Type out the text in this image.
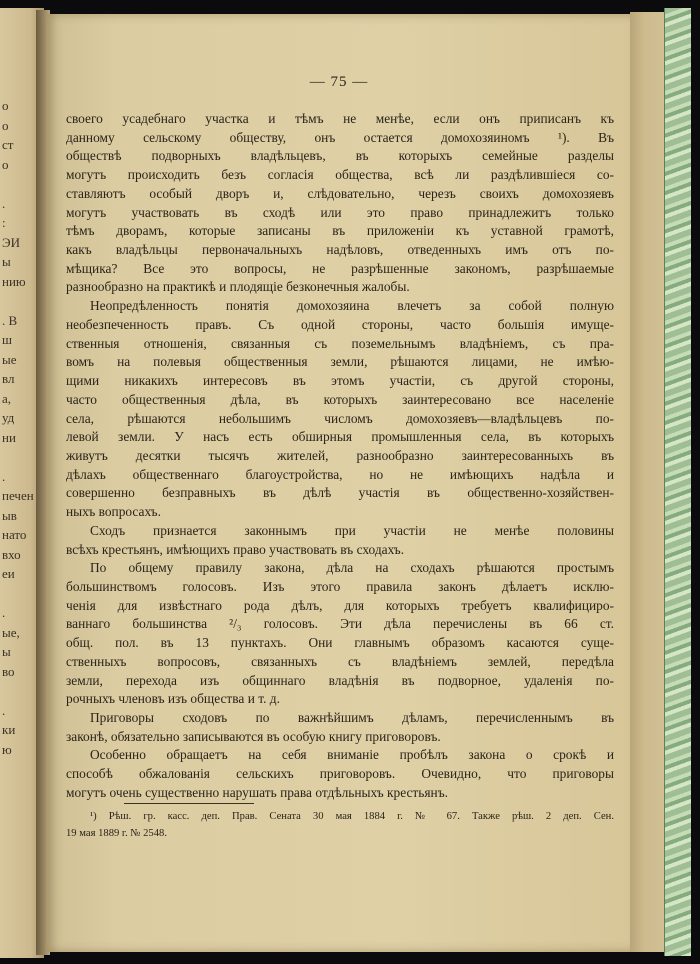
o
о
ст
о
.
:
ЭИ
ы
нию
. В
ш
ые
вл
а,
уд
ни
.
печен
ыв
нато
вхо
еи
.
ые,
ы
во
.
ки
ю
— 75 —
своего усадебнаго участка и тѣмъ не менѣе, если онъ приписанъ къ
данному сельскому обществу, онъ остается домохозяиномъ ¹). Въ
обществѣ подворныхъ владѣльцевъ, въ которыхъ семейные разделы
могутъ происходить безъ согласія общества, всѣ ли раздѣлившіеся со-
ставляютъ особый дворъ и, слѣдовательно, черезъ своихъ домохозяевъ
могутъ участвовать въ сходѣ или это право принадлежитъ только
тѣмъ дворамъ, которые записаны въ приложеніи къ уставной грамотѣ,
какъ владѣльцы первоначальныхъ надѣловъ, отведенныхъ имъ отъ по-
мѣщика? Все это вопросы, не разрѣшенные закономъ, разрѣшаемые
разнообразно на практикѣ и плодящіе безконечныя жалобы.
Неопредѣленность понятія домохозяина влечетъ за собой полную
необезпеченность правъ. Съ одной стороны, часто большія имуще-
ственныя отношенія, связанныя съ поземельнымъ владѣніемъ, съ пра-
вомъ на полевыя общественныя земли, рѣшаются лицами, не имѣю-
щими никакихъ интересовъ въ этомъ участіи, съ другой стороны,
часто общественныя дѣла, въ которыхъ заинтересовано все населеніе
села, рѣшаются небольшимъ числомъ домохозяевъ—владѣльцевъ по-
левой земли. У насъ есть обширныя промышленныя села, въ которыхъ
живутъ десятки тысячъ жителей, разнообразно заинтересованныхъ въ
дѣлахъ общественнаго благоустройства, но не имѣющихъ надѣла и
совершенно безправныхъ въ дѣлѣ участія въ общественно-хозяйствен-
ныхъ вопросахъ.
Сходъ признается законнымъ при участіи не менѣе половины
всѣхъ крестьянъ, имѣющихъ право участвовать въ сходахъ.
По общему правилу закона, дѣла на сходахъ рѣшаются простымъ
большинствомъ голосовъ. Изъ этого правила законъ дѣлаетъ исклю-
ченія для извѣстнаго рода дѣлъ, для которыхъ требуетъ квалифициро-
ваннаго большинства ²/₃ голосовъ. Эти дѣла перечислены въ 66 ст.
общ. пол. въ 13 пунктахъ. Они главнымъ образомъ касаются суще-
ственныхъ вопросовъ, связанныхъ съ владѣніемъ землей, передѣла
земли, перехода изъ общиннаго владѣнія въ подворное, удаленія по-
рочныхъ членовъ изъ общества и т. д.
Приговоры сходовъ по важнѣйшимъ дѣламъ, перечисленнымъ въ
законѣ, обязательно записываются въ особую книгу приговоровъ.
Особенно обращаетъ на себя вниманіе пробѣлъ закона о срокѣ и
способѣ обжалованія сельскихъ приговоровъ. Очевидно, что приговоры
могутъ очень существенно нарушать права отдѣльныхъ крестьянъ.
¹) Рѣш. гр. касс. деп. Прав. Сената 30 мая 1884 г. № 67. Также рѣш. 2 деп. Сен.
19 мая 1889 г. № 2548.
